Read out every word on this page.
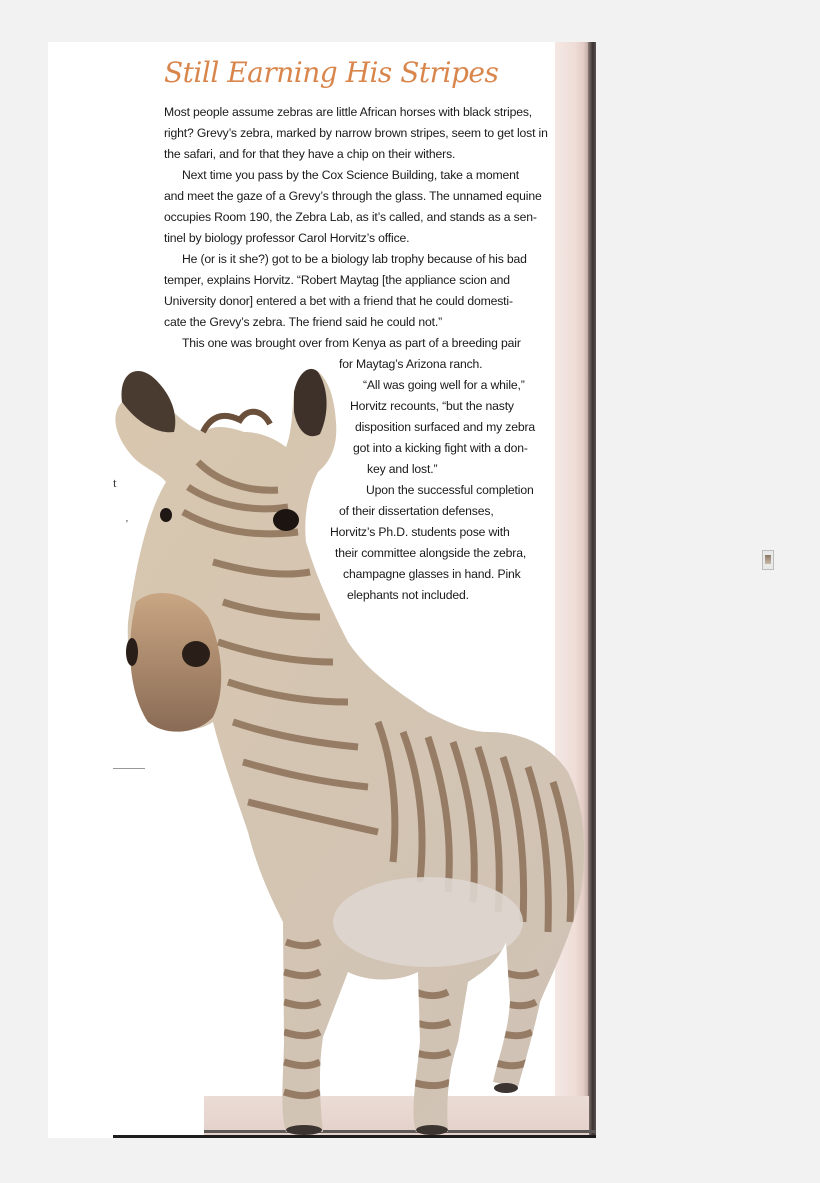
t
’
Still Earning His Stripes
Most people assume zebras are little African horses with black stripes,
right? Grevy’s zebra, marked by narrow brown stripes, seem to get lost in
the safari, and for that they have a chip on their withers.
Next time you pass by the Cox Science Building, take a moment
and meet the gaze of a Grevy’s through the glass. The unnamed equine
occupies Room 190, the Zebra Lab, as it’s called, and stands as a sen-
tinel by biology professor Carol Horvitz’s office.
He (or is it she?) got to be a biology lab trophy because of his bad
temper, explains Horvitz. “Robert Maytag [the appliance scion and
University donor] entered a bet with a friend that he could domesti-
cate the Grevy’s zebra. The friend said he could not.”
This one was brought over from Kenya as part of a breeding pair
for Maytag’s Arizona ranch.
“All was going well for a while,”
Horvitz recounts, “but the nasty
disposition surfaced and my zebra
got into a kicking fight with a don-
key and lost.”
Upon the successful completion
of their dissertation defenses,
Horvitz’s Ph.D. students pose with
their committee alongside the zebra,
champagne glasses in hand. Pink
elephants not included.
